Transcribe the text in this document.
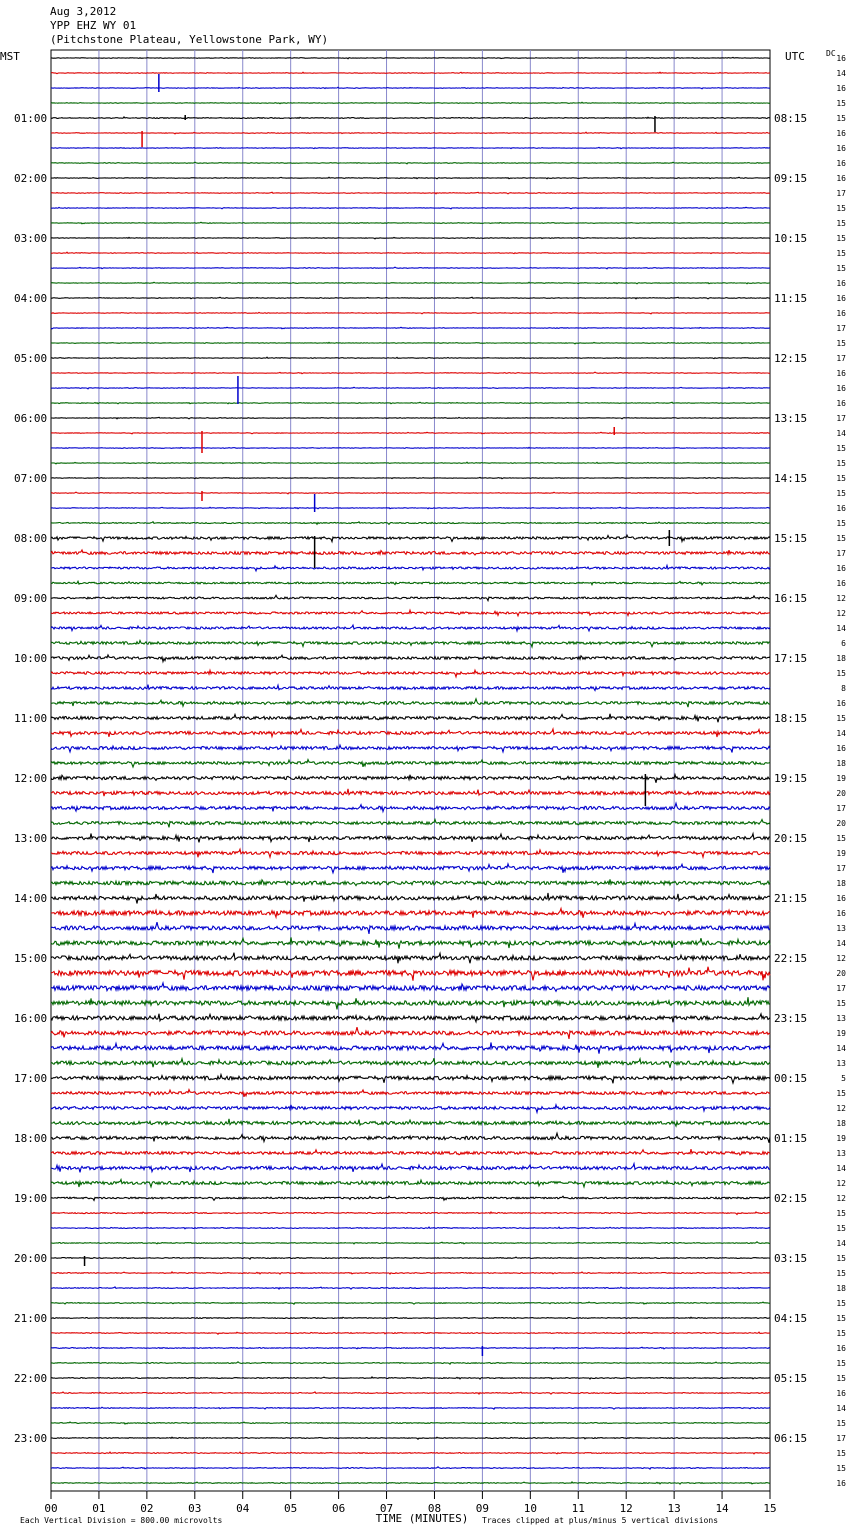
Aug 3,2012
YPP EHZ WY 01
(Pitchstone Plateau, Yellowstone Park, WY)
00	01	02	03	04	05	06	07	08	09	10	11	12	13	14	15
16
14
16
15
15
16
16
16
16
17
15
15
15
15
15
16
16
16
17
15
17
16
16
16
17
14
15
15
15
15
16
15
15
17
16
16
12
12
14
6
18
15
8
16
15
14
16
18
19
20
17
20
15
19
17
18
16
16
13
14
12
20
17
15
13
19
14
13
5
15
12
18
19
13
14
12
12
15
15
14
15
15
18
15
15
15
16
15
15
16
14
15
17
15
15
16
01:00
02:00
03:00
04:00
05:00
06:00
07:00
08:00
09:00
10:00
11:00
12:00
13:00
14:00
15:00
16:00
17:00
18:00
19:00
20:00
21:00
22:00
23:00
08:15
09:15
10:15
11:15
12:15
13:15
14:15
15:15
16:15
17:15
18:15
19:15
20:15
21:15
22:15
23:15
00:15
01:15
02:15
03:15
04:15
05:15
06:15
MST	UTC	DC
TIME (MINUTES)
Each Vertical Division = 800.00 microvolts	Traces clipped at plus/minus 5 vertical divisions
